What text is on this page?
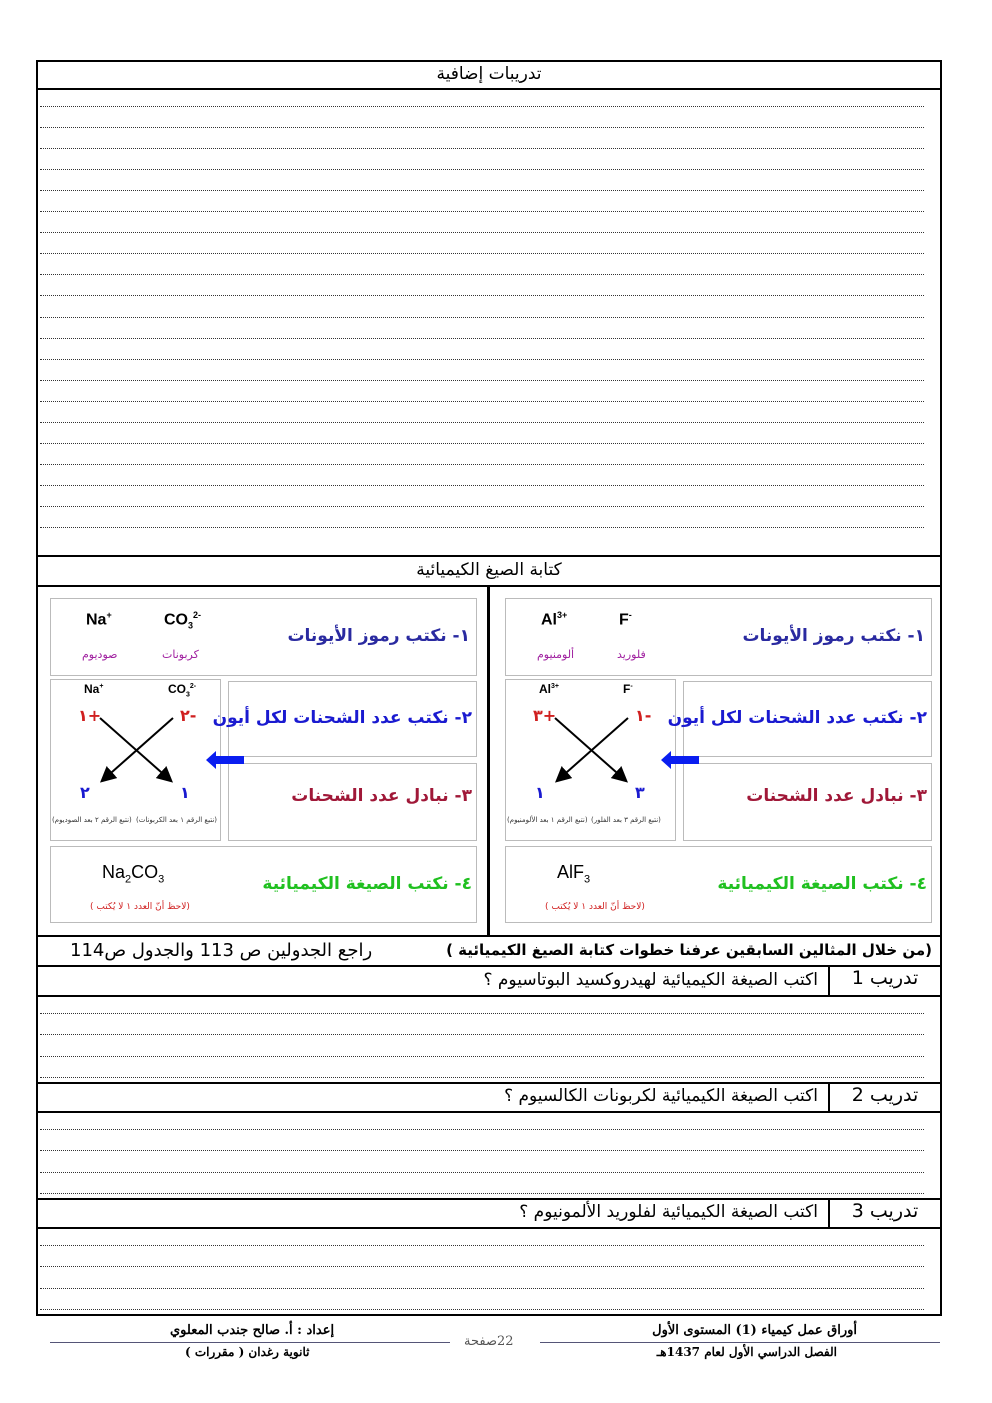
تدريبات إضافية
كتابة الصيغ الكيميائية
١- نكتب رموز الأيونات
Na+	$CO_3^{2-}$
صوديوم	كربونات
Na+	$CO_3^{2-}$
١+	٢-
٢	١
(نتبع الرقم ١ بعد الكربونات)
(نتبع الرقم ٢ بعد الصوديوم)
٢- نكتب عدد الشحنات لكل أيون
٣- نبادل عدد الشحنات
٤- نكتب الصيغة الكيميائية
$Na_2CO_3$
(لاحظ أنّ العدد ١ لا يُكتب )
١- نكتب رموز الأيونات
$Al^{3+}$	F-
ألومنيوم	فلوريد
$Al^{3+}$	F-
٣+	١-
١	٣
(نتبع الرقم ٣ بعد الفلور)
(نتبع الرقم ١ بعد الألومنيوم)
٢- نكتب عدد الشحنات لكل أيون
٣- نبادل عدد الشحنات
٤- نكتب الصيغة الكيميائية
AlF$_3$
(لاحظ أنّ العدد ١ لا يُكتب )
(من خلال المثالين السابقين عرفنا خطوات كتابة الصيغ الكيميائية )
راجع الجدولين ص 113 والجدول ص114
تدريب 1
اكتب الصيغة الكيميائية لهيدروكسيد البوتاسيوم ؟
تدريب 2
اكتب الصيغة الكيميائية لكربونات الكالسيوم ؟
تدريب 3
اكتب الصيغة الكيميائية لفلوريد الألمونيوم ؟
أوراق عمل كيمياء (1) المستوى الأول
الفصل الدراسي الأول لعام 1437هـ
22صفحة
إعداد : أ. صالح جندب المعلوي
ثانوية رغدان ( مقررات )
